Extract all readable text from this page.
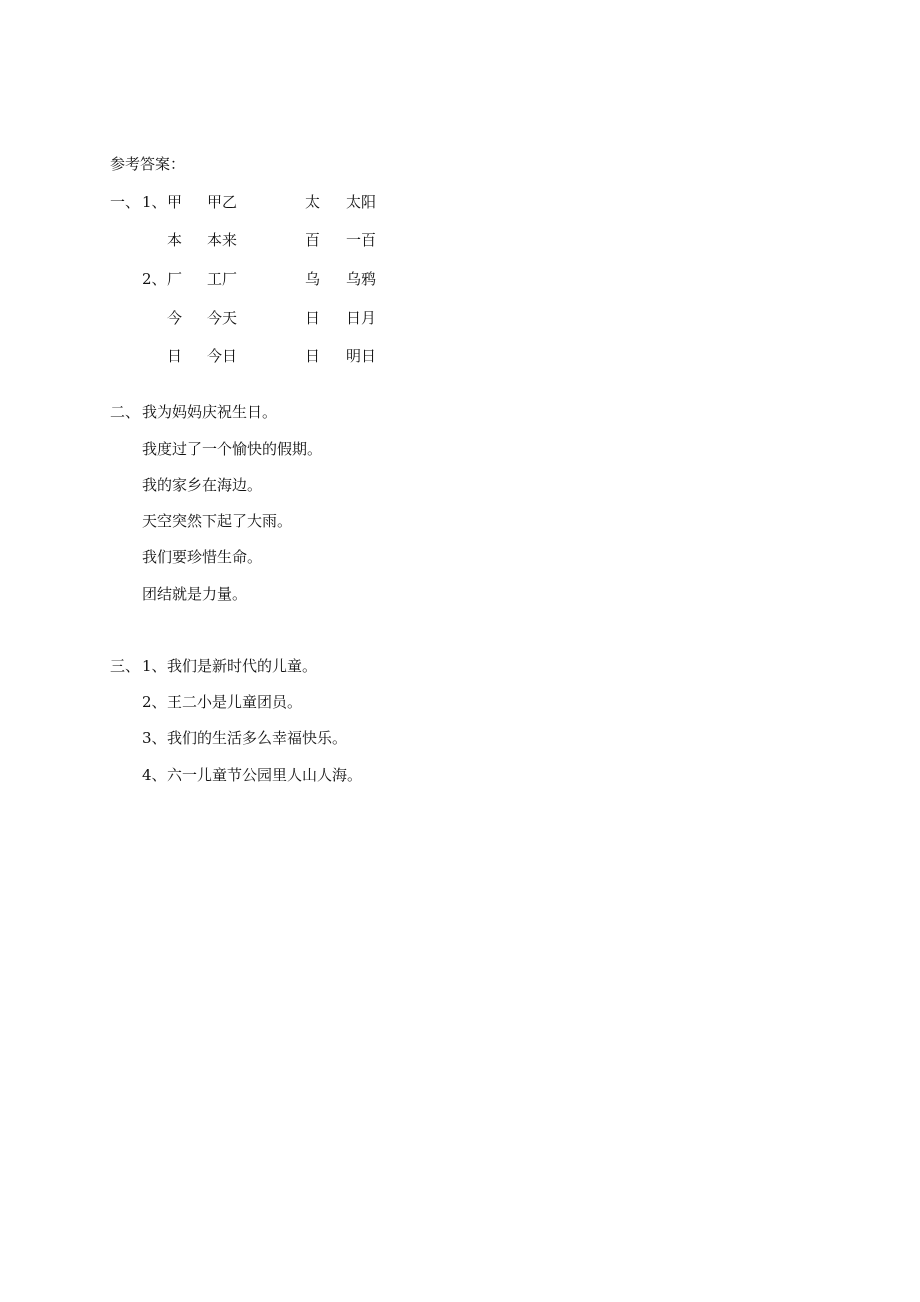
参考答案：
一、 1、 甲 甲乙	太 太阳
本 本来	百 一百
2、 厂 工厂	乌 乌鸦
今 今天	日 日月
日 今日	日 明日
二、 我为妈妈庆祝生日。
我度过了一个愉快的假期。
我的家乡在海边。
天空突然下起了大雨。
我们要珍惜生命。
团结就是力量。
三、 1、 我们是新时代的儿童。
2、 王二小是儿童团员。
3、 我们的生活多么幸福快乐。
4、 六一儿童节公园里人山人海。
